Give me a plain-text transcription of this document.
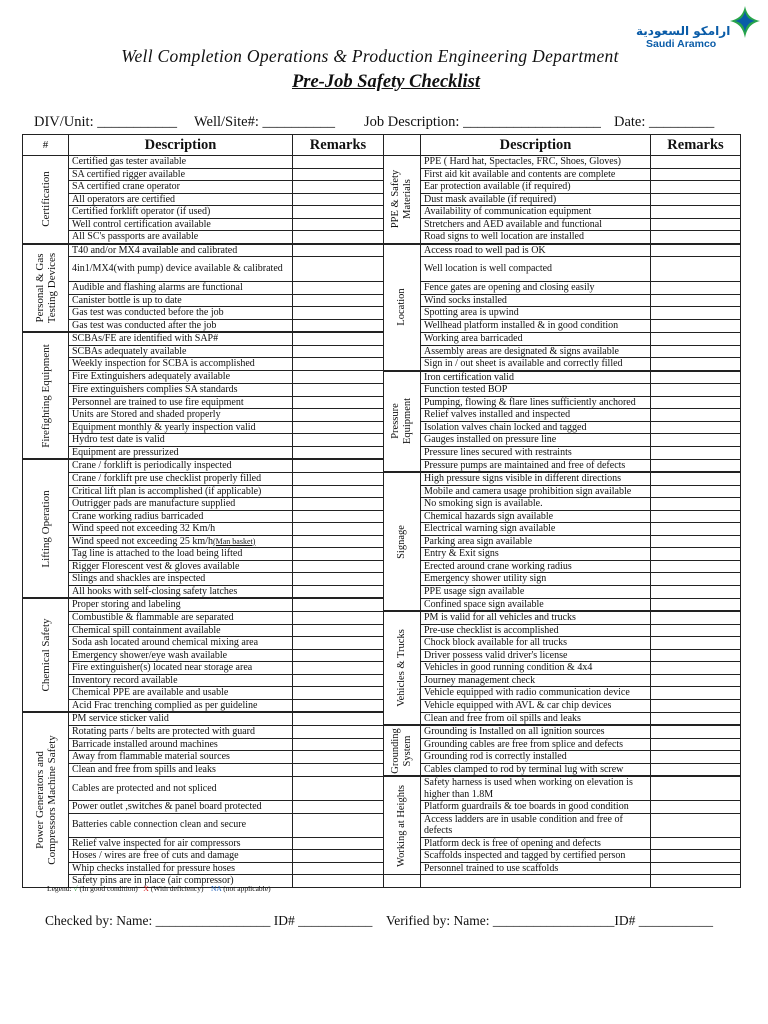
Well Completion Operations & Production Engineering Department
Pre-Job Safety Checklist
ارامكو السعودية
Saudi Aramco
DIV/Unit: ___________ Well/Site#: __________ Job Description: ___________________ Date: _________
#	Description	Remarks		Description	Remarks

Certification	Certified gas tester available		PPE & Safety Materials	PPE ( Hard hat, Spectacles, FRC, Shoes, Gloves)	
	SA certified rigger available			First aid kit available and contents are complete	
	SA certified crane operator			Ear protection available (if required)	
	All operators are certified			Dust mask available (if required)	
	Certified forklift operator (if used)			Availability of communication equipment	
	Well control certification available			Stretchers and AED available and functional	
	All SC's passports are available			Road signs to well location are installed	

Personal & Gas Testing Devices	T40 and/or MX4 available and calibrated		Location	Access road to well pad is OK	
	4in1/MX4(with pump) device available & calibrated			Well location is well compacted	
	Audible and flashing alarms are functional			Fence gates are opening and closing easily	
	Canister bottle is up to date			Wind socks installed	
	Gas test was conducted before the job			Spotting area is upwind	
	Gas test was conducted after the job			Wellhead platform installed & in good condition	

Firefighting Equipment	SCBAs/FE are identified with SAP#			Working area barricaded	
	SCBAs adequately available			Assembly areas are designated & signs available	
	Weekly inspection for SCBA is accomplished			Sign in / out sheet is available and correctly filled	
	Fire Extinguishers adequately available		Pressure Equipment	Iron certification valid	
	Fire extinguishers complies SA standards			Function tested BOP	
	Personnel are trained to use fire equipment			Pumping, flowing & flare lines sufficiently anchored	
	Units are Stored and shaded properly			Relief valves installed and inspected	
	Equipment monthly & yearly inspection valid			Isolation valves chain locked and tagged	
	Hydro test date is valid			Gauges installed on pressure line	
	Equipment are pressurized			Pressure lines secured with restraints	

Lifting Operation	Crane / forklift is periodically inspected			Pressure pumps are maintained and free of defects	
	Crane / forklift pre use checklist properly filled		Signage	High pressure signs visible in different directions	
	Critical lift plan is accomplished (if applicable)			Mobile and camera usage prohibition sign available	
	Outrigger pads are manufacture supplied			No smoking sign is available.	
	Crane working radius barricaded			Chemical hazards sign available	
	Wind speed not exceeding 32 Km/h			Electrical warning sign available	
	Wind speed not exceeding 25 km/h(Man basket)			Parking area sign available	
	Tag line is attached to the load being lifted			Entry & Exit signs	
	Rigger Florescent vest & gloves available			Erected around crane working radius	
	Slings and shackles are inspected			Emergency shower utility sign	
	All hooks with self-closing safety latches			PPE usage sign available	

Chemical Safety	Proper storing and labeling			Confined space sign available	
	Combustible & flammable are separated		Vehicles & Trucks	PM is valid for all vehicles and trucks	
	Chemical spill containment available			Pre-use checklist is accomplished	
	Soda ash located around chemical mixing area			Chock block available for all trucks	
	Emergency shower/eye wash available			Driver possess valid driver's license	
	Fire extinguisher(s) located near storage area			Vehicles in good running condition & 4x4	
	Inventory record available			Journey management check	
	Chemical PPE are available and usable			Vehicle equipped with radio communication device	
	Acid Frac trenching complied as per guideline			Vehicle equipped with AVL & car chip devices	

Power Generators and Compressors Machine Safety	PM service sticker valid			Clean and free from oil spills and leaks	
	Rotating parts / belts are protected with guard		Grounding System	Grounding is Installed on all ignition sources	
	Barricade installed around machines			Grounding cables are free from splice and defects	
	Away from flammable material sources			Grounding rod is correctly installed	
	Clean and free from spills and leaks			Cables clamped to rod by terminal lug with screw	
	Cables are protected and not spliced		Working at Heights	Safety harness is used when working on elevation is higher than 1.8M	
	Power outlet ,switches & panel board protected			Platform guardrails & toe boards in good condition	
	Batteries cable connection clean and secure			Access ladders are in usable condition and free of defects	
	Relief valve inspected for air compressors			Platform deck is free of opening and defects	
	Hoses / wires are free of cuts and damage			Scaffolds inspected and tagged by certified person	
	Whip checks installed for pressure hoses			Personnel trained to use scaffolds	
	Safety pins are in place (air compressor)				
Legend: √ (In good condition) X (With deficiency) NA (not applicable)
Checked by: Name: _________________ ID# ___________ Verified by: Name: __________________ID# ___________
